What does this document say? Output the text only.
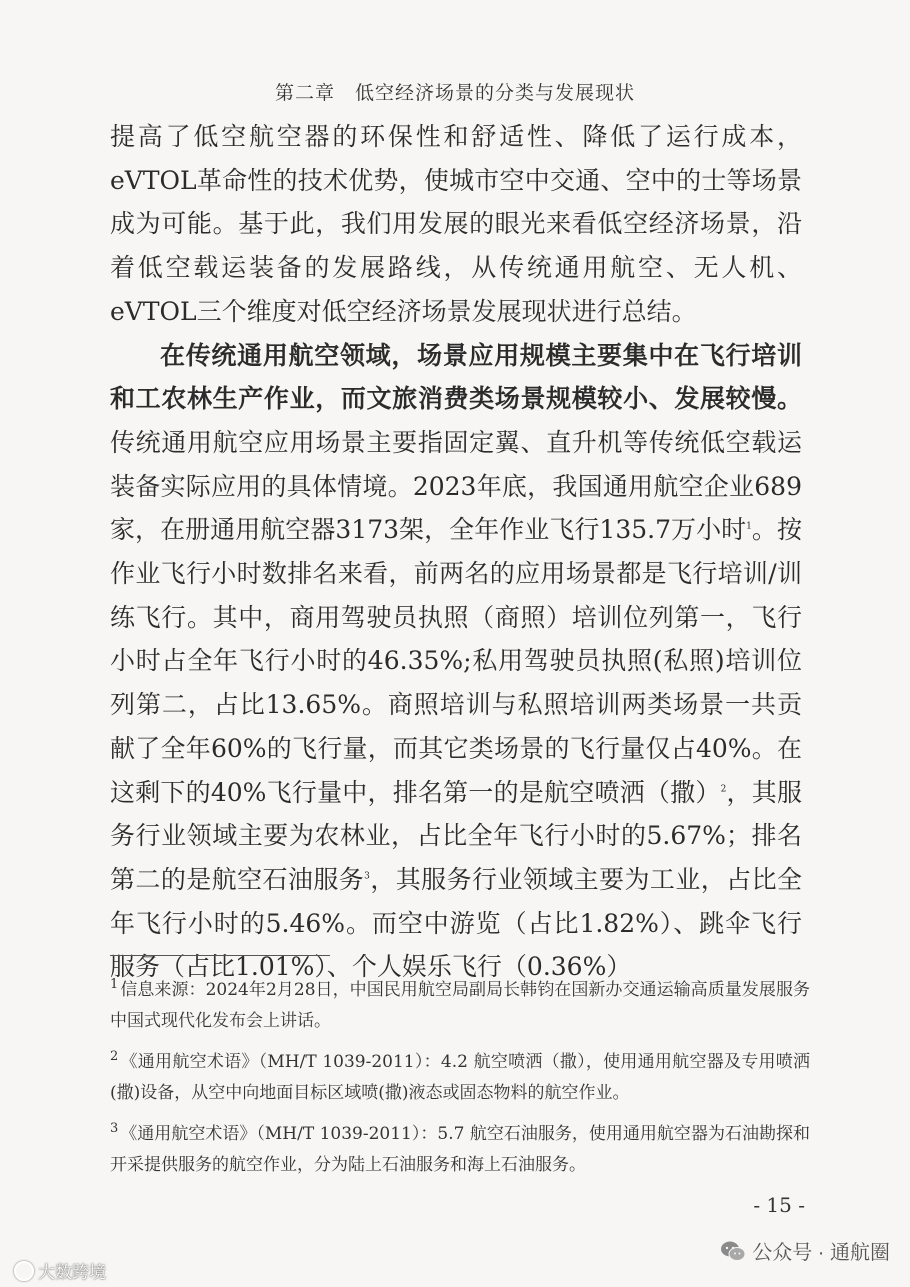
第二章　低空经济场景的分类与发展现状

提高了低空航空器的环保性和舒适性、降低了运行成本，eVTOL革命性的技术优势，使城市空中交通、空中的士等场景成为可能。基于此，我们用发展的眼光来看低空经济场景，沿着低空载运装备的发展路线，从传统通用航空、无人机、eVTOL三个维度对低空经济场景发展现状进行总结。

在传统通用航空领域，场景应用规模主要集中在飞行培训和工农林生产作业，而文旅消费类场景规模较小、发展较慢。传统通用航空应用场景主要指固定翼、直升机等传统低空载运装备实际应用的具体情境。2023年底，我国通用航空企业689家，在册通用航空器3173架，全年作业飞行135.7万小时$^1$。按作业飞行小时数排名来看，前两名的应用场景都是飞行培训/训练飞行。其中，商用驾驶员执照（商照）培训位列第一，飞行小时占全年飞行小时的46.35%;私用驾驶员执照(私照)培训位列第二，占比13.65%。商照培训与私照培训两类场景一共贡献了全年60%的飞行量，而其它类场景的飞行量仅占40%。在这剩下的40%飞行量中，排名第一的是航空喷洒（撒）$^2$，其服务行业领域主要为农林业，占比全年飞行小时的5.67%；排名第二的是航空石油服务$^3$，其服务行业领域主要为工业，占比全年飞行小时的5.46%。而空中游览（占比1.82%）、跳伞飞行服务（占比1.01%）、个人娱乐飞行（0.36%）

$^1$ 信息来源：2024年2月28日，中国民用航空局副局长韩钧在国新办交通运输高质量发展服务中国式现代化发布会上讲话。
$^2$ 《通用航空术语》（MH/T 1039-2011）：4.2 航空喷洒（撒），使用通用航空器及专用喷洒(撒)设备，从空中向地面目标区域喷(撒)液态或固态物料的航空作业。
$^3$ 《通用航空术语》（MH/T 1039-2011）：5.7 航空石油服务，使用通用航空器为石油勘探和开采提供服务的航空作业，分为陆上石油服务和海上石油服务。
- 15 -
大数跨境
公众号 · 通航圈
